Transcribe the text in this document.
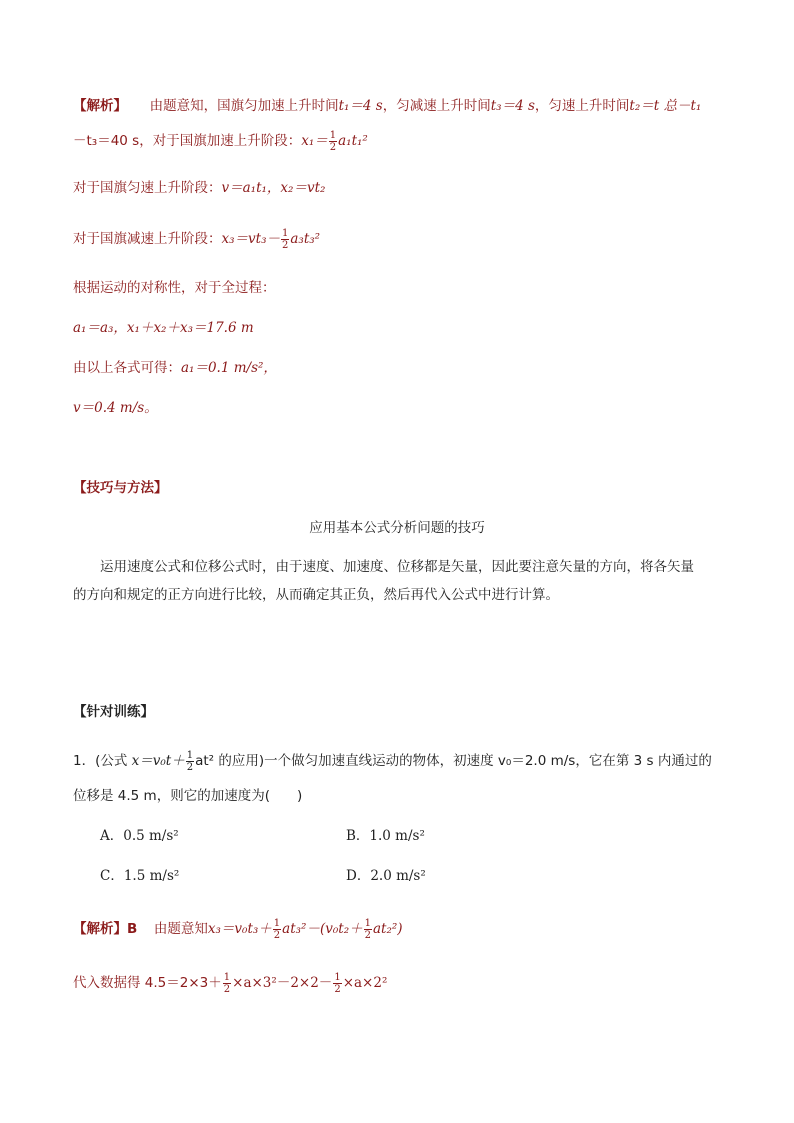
【解析】 由题意知，国旗匀加速上升时间t₁＝4 s，匀减速上升时间t₃＝4 s，匀速上升时间t₂＝t 总－t₁
－t₃＝40 s，对于国旗加速上升阶段：$x_1= \frac{1}{2} a_1t_1^2$
对于国旗匀速上升阶段：v＝a₁t₁，x₂＝vt₂
对于国旗减速上升阶段：$x_3=vt_3- \frac{1}{2} a_3t_3^2$
根据运动的对称性，对于全过程：
a₁＝a₃，x₁＋x₂＋x₃＝17.6 m
由以上各式可得：a₁＝0.1 m/s²，
v＝0.4 m/s。
【技巧与方法】
应用基本公式分析问题的技巧
运用速度公式和位移公式时，由于速度、加速度、位移都是矢量，因此要注意矢量的方向，将各矢量
的方向和规定的正方向进行比较，从而确定其正负，然后再代入公式中进行计算。
【针对训练】
1．(公式 $x=v_0t+ \frac{1}{2} at^2$ 的应用)一个做匀加速直线运动的物体，初速度 v₀＝2.0 m/s，它在第 3 s 内通过的
位移是 4.5 m，则它的加速度为(　　)
A．0.5 m/s²	B．1.0 m/s²
C．1.5 m/s²	D．2.0 m/s²
【解析】B 由题意知$x_3=v_0t_3+ \frac{1}{2} at_3^2-(v_0t_2+ \frac{1}{2} at_2^2)$
代入数据得 $4.5=2\times 3+ \frac{1}{2} \times a\times 3^2-2\times 2- \frac{1}{2} \times a\times 2^2$
